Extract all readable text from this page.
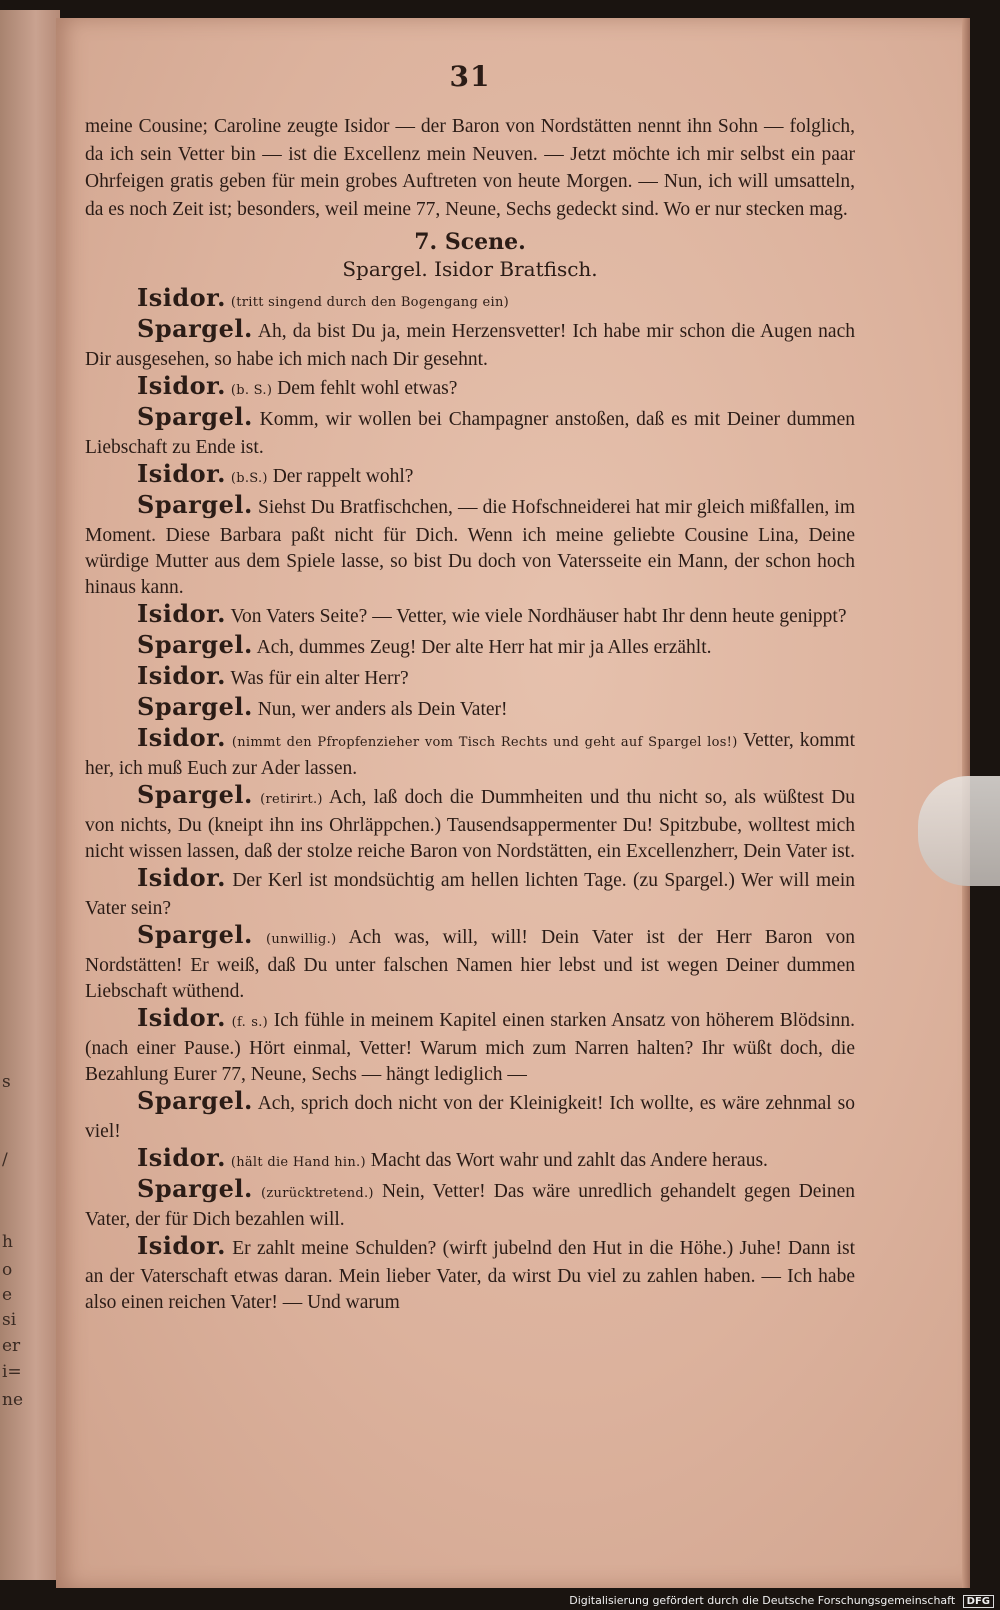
s
/
h
o
e
si
er
i=
ne
31

meine Cousine; Caroline zeugte Isidor — der Baron von Nordstätten nennt ihn Sohn — folglich, da ich sein Vetter bin — ist die Excellenz mein Neuven. — Jetzt möchte ich mir selbst ein paar Ohrfeigen gratis geben für mein grobes Auftreten von heute Morgen. — Nun, ich will umsatteln, da es noch Zeit ist; besonders, weil meine 77, Neune, Sechs gedeckt sind. Wo er nur stecken mag.

7. Scene.
Spargel. Isidor Bratfisch.

Isidor. (tritt singend durch den Bogengang ein)

Spargel. Ah, da bist Du ja, mein Herzensvetter! Ich habe mir schon die Augen nach Dir ausgesehen, so habe ich mich nach Dir gesehnt.

Isidor. (b. S.) Dem fehlt wohl etwas?

Spargel. Komm, wir wollen bei Champagner anstoßen, daß es mit Deiner dummen Liebschaft zu Ende ist.

Isidor. (b.S.) Der rappelt wohl?

Spargel. Siehst Du Bratfischchen, — die Hofschneiderei hat mir gleich mißfallen, im Moment. Diese Barbara paßt nicht für Dich. Wenn ich meine geliebte Cousine Lina, Deine würdige Mutter aus dem Spiele lasse, so bist Du doch von Vatersseite ein Mann, der schon hoch hinaus kann.

Isidor. Von Vaters Seite? — Vetter, wie viele Nordhäuser habt Ihr denn heute genippt?

Spargel. Ach, dummes Zeug! Der alte Herr hat mir ja Alles erzählt.

Isidor. Was für ein alter Herr?

Spargel. Nun, wer anders als Dein Vater!

Isidor. (nimmt den Pfropfenzieher vom Tisch Rechts und geht auf Spargel los!) Vetter, kommt her, ich muß Euch zur Ader lassen.

Spargel. (retirirt.) Ach, laß doch die Dummheiten und thu nicht so, als wüßtest Du von nichts, Du (kneipt ihn ins Ohrläppchen.) Tausendsappermenter Du! Spitzbube, wolltest mich nicht wissen lassen, daß der stolze reiche Baron von Nordstätten, ein Excellenzherr, Dein Vater ist.

Isidor. Der Kerl ist mondsüchtig am hellen lichten Tage. (zu Spargel.) Wer will mein Vater sein?

Spargel. (unwillig.) Ach was, will, will! Dein Vater ist der Herr Baron von Nordstätten! Er weiß, daß Du unter falschen Namen hier lebst und ist wegen Deiner dummen Liebschaft wüthend.

Isidor. (f. s.) Ich fühle in meinem Kapitel einen starken Ansatz von höherem Blödsinn. (nach einer Pause.) Hört einmal, Vetter! Warum mich zum Narren halten? Ihr wüßt doch, die Bezahlung Eurer 77, Neune, Sechs — hängt lediglich —

Spargel. Ach, sprich doch nicht von der Kleinigkeit! Ich wollte, es wäre zehnmal so viel!

Isidor. (hält die Hand hin.) Macht das Wort wahr und zahlt das Andere heraus.

Spargel. (zurücktretend.) Nein, Vetter! Das wäre unredlich gehandelt gegen Deinen Vater, der für Dich bezahlen will.

Isidor. Er zahlt meine Schulden? (wirft jubelnd den Hut in die Höhe.) Juhe! Dann ist an der Vaterschaft etwas daran. Mein lieber Vater, da wirst Du viel zu zahlen haben. — Ich habe also einen reichen Vater! — Und warum

Digitalisierung gefördert durch die Deutsche Forschungsgemeinschaft DFG
